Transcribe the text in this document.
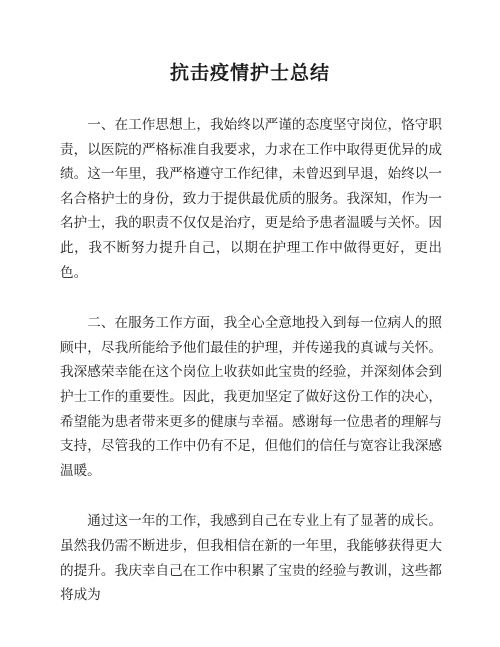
抗击疫情护士总结

一、在工作思想上，我始终以严谨的态度坚守岗位，恪守职责，以医院的严格标准自我要求，力求在工作中取得更优异的成绩。这一年里，我严格遵守工作纪律，未曾迟到早退，始终以一名合格护士的身份，致力于提供最优质的服务。我深知，作为一名护士，我的职责不仅仅是治疗，更是给予患者温暖与关怀。因此，我不断努力提升自己，以期在护理工作中做得更好，更出色。

二、在服务工作方面，我全心全意地投入到每一位病人的照顾中，尽我所能给予他们最佳的护理，并传递我的真诚与关怀。我深感荣幸能在这个岗位上收获如此宝贵的经验，并深刻体会到护士工作的重要性。因此，我更加坚定了做好这份工作的决心，希望能为患者带来更多的健康与幸福。感谢每一位患者的理解与支持，尽管我的工作中仍有不足，但他们的信任与宽容让我深感温暖。

通过这一年的工作，我感到自己在专业上有了显著的成长。虽然我仍需不断进步，但我相信在新的一年里，我能够获得更大的提升。我庆幸自己在工作中积累了宝贵的经验与教训，这些都将成为
